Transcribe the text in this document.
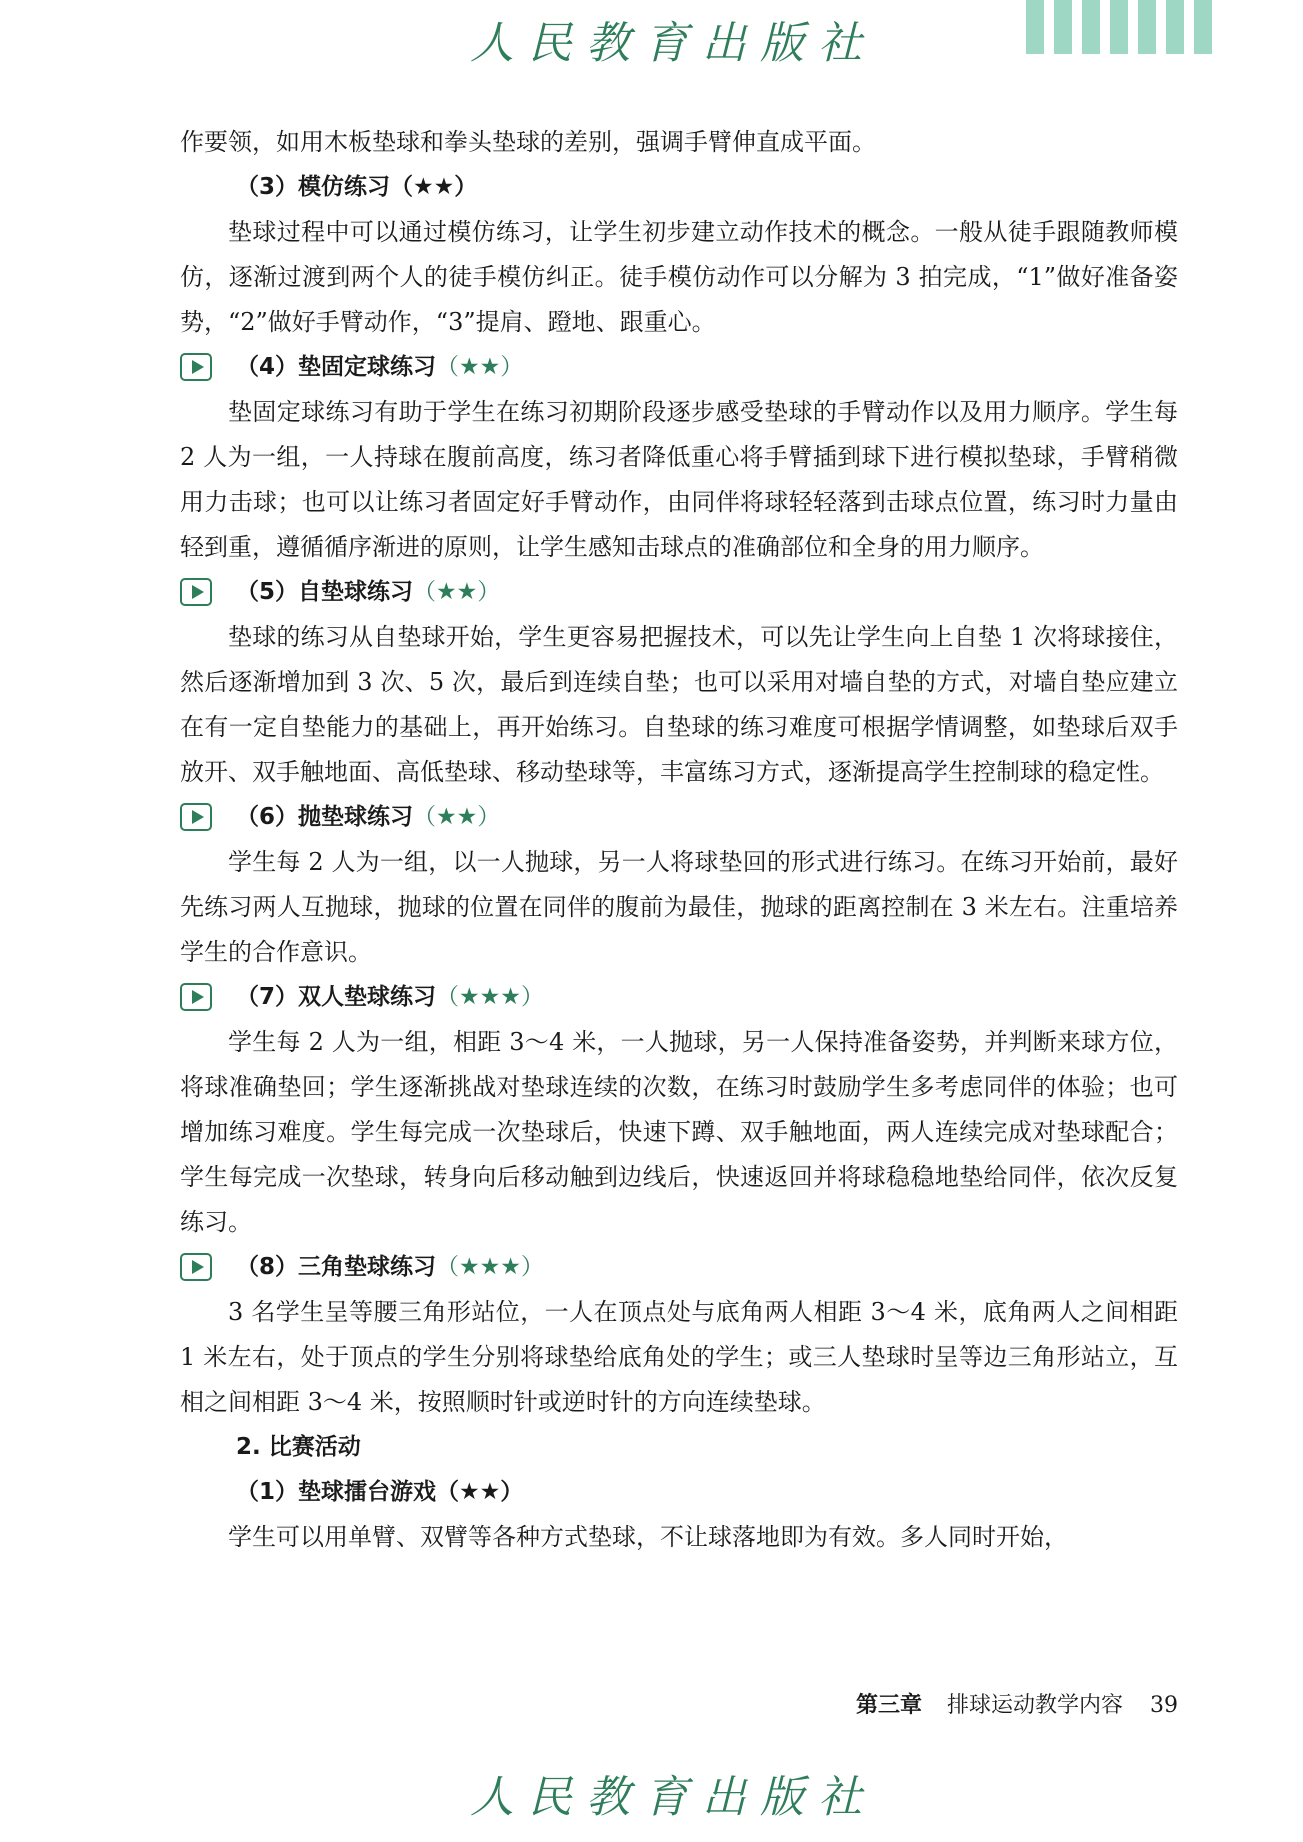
人民教育出版社

作要领，如用木板垫球和拳头垫球的差别，强调手臂伸直成平面。

（3）模仿练习（★★）

垫球过程中可以通过模仿练习，让学生初步建立动作技术的概念。一般从徒手跟随教师模仿，逐渐过渡到两个人的徒手模仿纠正。徒手模仿动作可以分解为 3 拍完成，“1”做好准备姿势，“2”做好手臂动作，“3”提肩、蹬地、跟重心。

（4）垫固定球练习（★★）

垫固定球练习有助于学生在练习初期阶段逐步感受垫球的手臂动作以及用力顺序。学生每 2 人为一组，一人持球在腹前高度，练习者降低重心将手臂插到球下进行模拟垫球，手臂稍微用力击球；也可以让练习者固定好手臂动作，由同伴将球轻轻落到击球点位置，练习时力量由轻到重，遵循循序渐进的原则，让学生感知击球点的准确部位和全身的用力顺序。

（5）自垫球练习（★★）

垫球的练习从自垫球开始，学生更容易把握技术，可以先让学生向上自垫 1 次将球接住，然后逐渐增加到 3 次、5 次，最后到连续自垫；也可以采用对墙自垫的方式，对墙自垫应建立在有一定自垫能力的基础上，再开始练习。自垫球的练习难度可根据学情调整，如垫球后双手放开、双手触地面、高低垫球、移动垫球等，丰富练习方式，逐渐提高学生控制球的稳定性。

（6）抛垫球练习（★★）

学生每 2 人为一组，以一人抛球，另一人将球垫回的形式进行练习。在练习开始前，最好先练习两人互抛球，抛球的位置在同伴的腹前为最佳，抛球的距离控制在 3 米左右。注重培养学生的合作意识。

（7）双人垫球练习（★★★）

学生每 2 人为一组，相距 3～4 米，一人抛球，另一人保持准备姿势，并判断来球方位，将球准确垫回；学生逐渐挑战对垫球连续的次数，在练习时鼓励学生多考虑同伴的体验；也可增加练习难度。学生每完成一次垫球后，快速下蹲、双手触地面，两人连续完成对垫球配合；学生每完成一次垫球，转身向后移动触到边线后，快速返回并将球稳稳地垫给同伴，依次反复练习。

（8）三角垫球练习（★★★）

3 名学生呈等腰三角形站位，一人在顶点处与底角两人相距 3～4 米，底角两人之间相距 1 米左右，处于顶点的学生分别将球垫给底角处的学生；或三人垫球时呈等边三角形站立，互相之间相距 3～4 米，按照顺时针或逆时针的方向连续垫球。

2. 比赛活动

（1）垫球擂台游戏（★★）

学生可以用单臂、双臂等各种方式垫球，不让球落地即为有效。多人同时开始，

第三章 排球运动教学内容 39
人民教育出版社
